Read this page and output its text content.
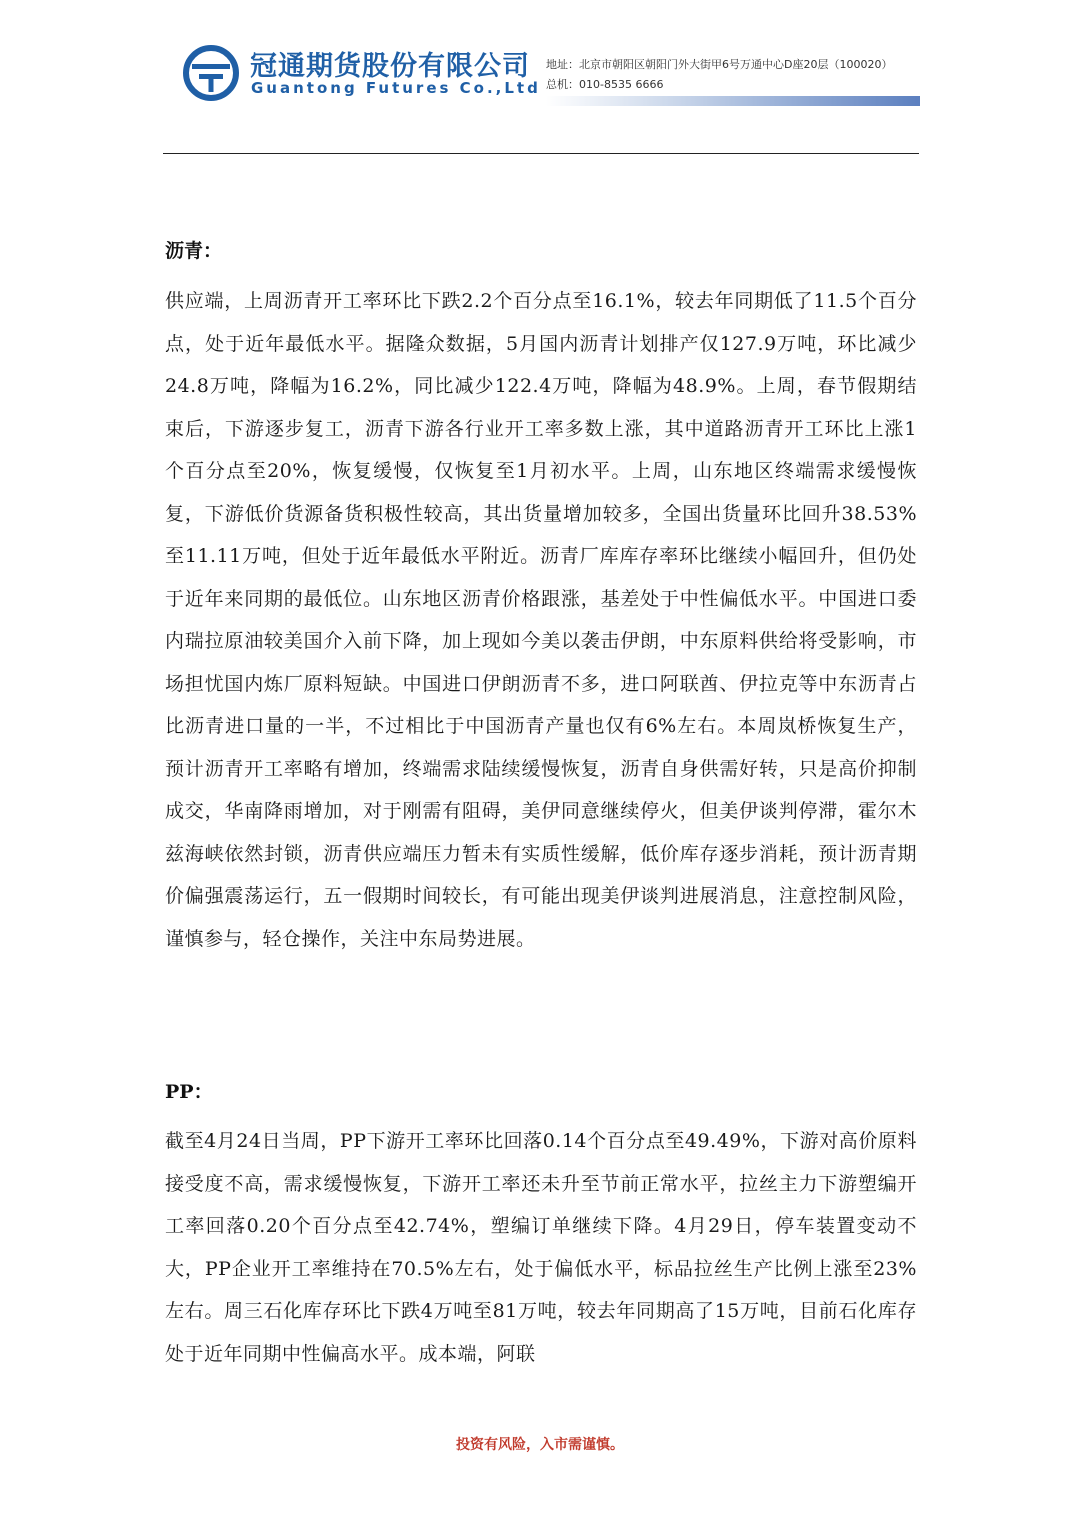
冠通期货股份有限公司
Guantong Futures Co.,Ltd
地址：北京市朝阳区朝阳门外大街甲6号万通中心D座20层（100020）
总机：010-8535 6666
沥青：

供应端，上周沥青开工率环比下跌2.2个百分点至16.1%，较去年同期低了11.5个百分点，处于近年最低水平。据隆众数据，5月国内沥青计划排产仅127.9万吨，环比减少24.8万吨，降幅为16.2%，同比减少122.4万吨，降幅为48.9%。上周，春节假期结束后，下游逐步复工，沥青下游各行业开工率多数上涨，其中道路沥青开工环比上涨1个百分点至20%，恢复缓慢，仅恢复至1月初水平。上周，山东地区终端需求缓慢恢复，下游低价货源备货积极性较高，其出货量增加较多，全国出货量环比回升38.53%至11.11万吨，但处于近年最低水平附近。沥青厂库库存率环比继续小幅回升，但仍处于近年来同期的最低位。山东地区沥青价格跟涨，基差处于中性偏低水平。中国进口委内瑞拉原油较美国介入前下降，加上现如今美以袭击伊朗，中东原料供给将受影响，市场担忧国内炼厂原料短缺。中国进口伊朗沥青不多，进口阿联酋、伊拉克等中东沥青占比沥青进口量的一半，不过相比于中国沥青产量也仅有6%左右。本周岚桥恢复生产，预计沥青开工率略有增加，终端需求陆续缓慢恢复，沥青自身供需好转，只是高价抑制成交，华南降雨增加，对于刚需有阻碍，美伊同意继续停火，但美伊谈判停滞，霍尔木兹海峡依然封锁，沥青供应端压力暂未有实质性缓解，低价库存逐步消耗，预计沥青期价偏强震荡运行，五一假期时间较长，有可能出现美伊谈判进展消息，注意控制风险，谨慎参与，轻仓操作，关注中东局势进展。

PP：

截至4月24日当周，PP下游开工率环比回落0.14个百分点至49.49%，下游对高价原料接受度不高，需求缓慢恢复，下游开工率还未升至节前正常水平，拉丝主力下游塑编开工率回落0.20个百分点至42.74%，塑编订单继续下降。4月29日，停车装置变动不大，PP企业开工率维持在70.5%左右，处于偏低水平，标品拉丝生产比例上涨至23%左右。周三石化库存环比下跌4万吨至81万吨，较去年同期高了15万吨，目前石化库存处于近年同期中性偏高水平。成本端，阿联

投资有风险，入市需谨慎。
